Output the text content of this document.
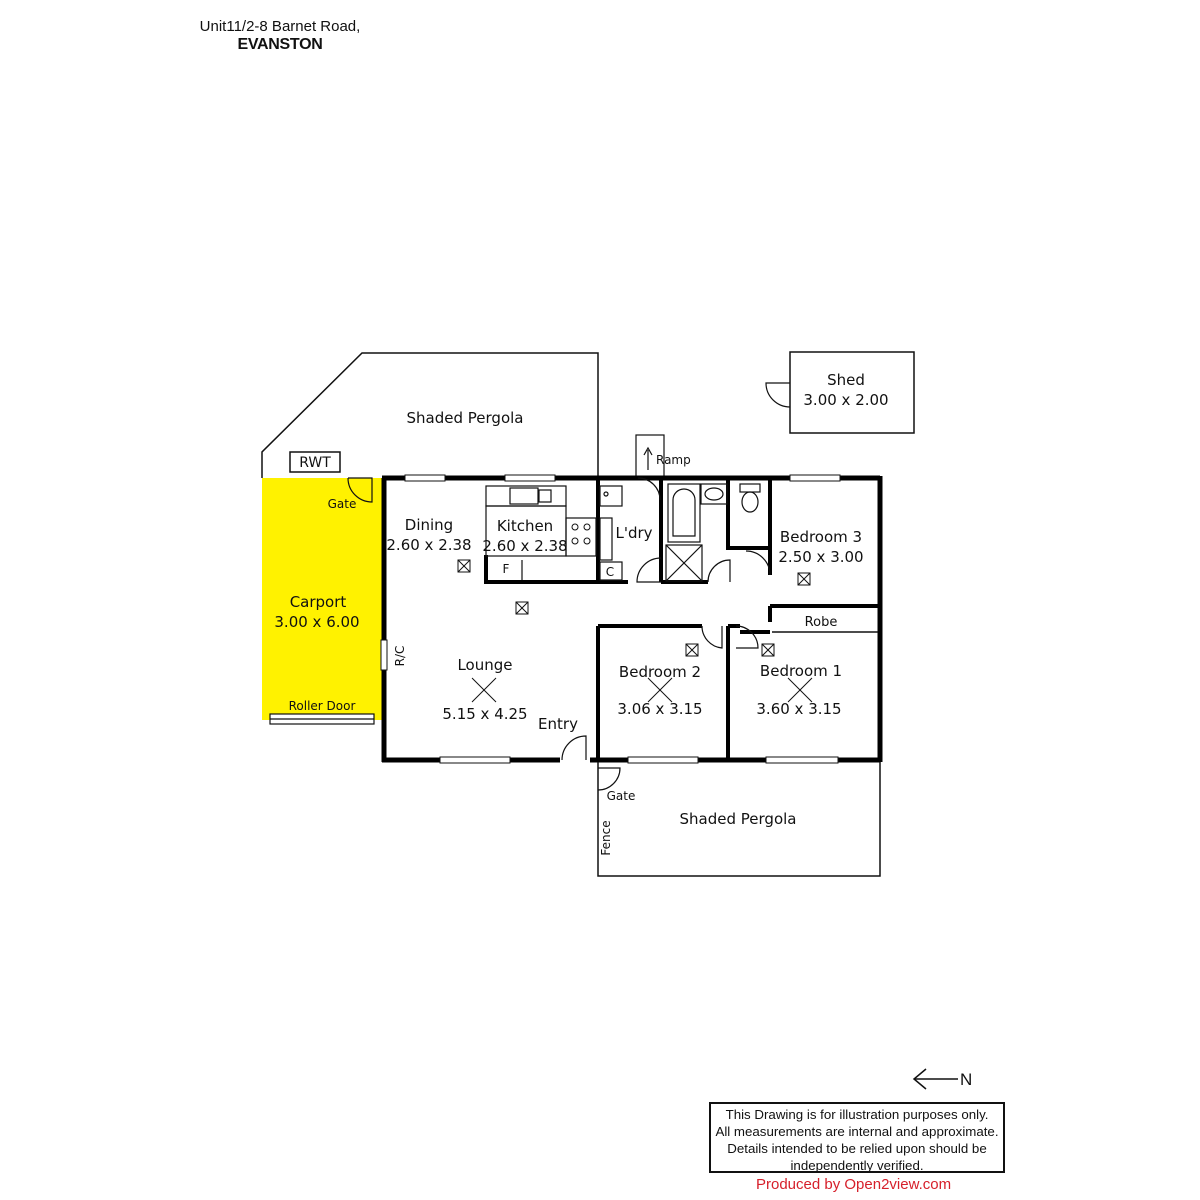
Unit11/2-8 Barnet Road,
EVANSTON
Shaded Pergola
Shed
3.00 x 2.00
RWT
Gate
Ramp
Dining
2.60 x 2.38
Kitchen
2.60 x 2.38
F
L'dry
C
Bedroom 3
2.50 x 3.00
Robe
Carport
3.00 x 6.00
R/C	Lounge
5.15 x 4.25
Roller Door
Entry
Bedroom 2
3.06 x 3.15
Bedroom 1
3.60 x 3.15
Gate
Fence
Shaded Pergola
N
This Drawing is for illustration purposes only.
All measurements are internal and approximate.
Details intended to be relied upon should be
independently verified.
Produced by Open2view.com
